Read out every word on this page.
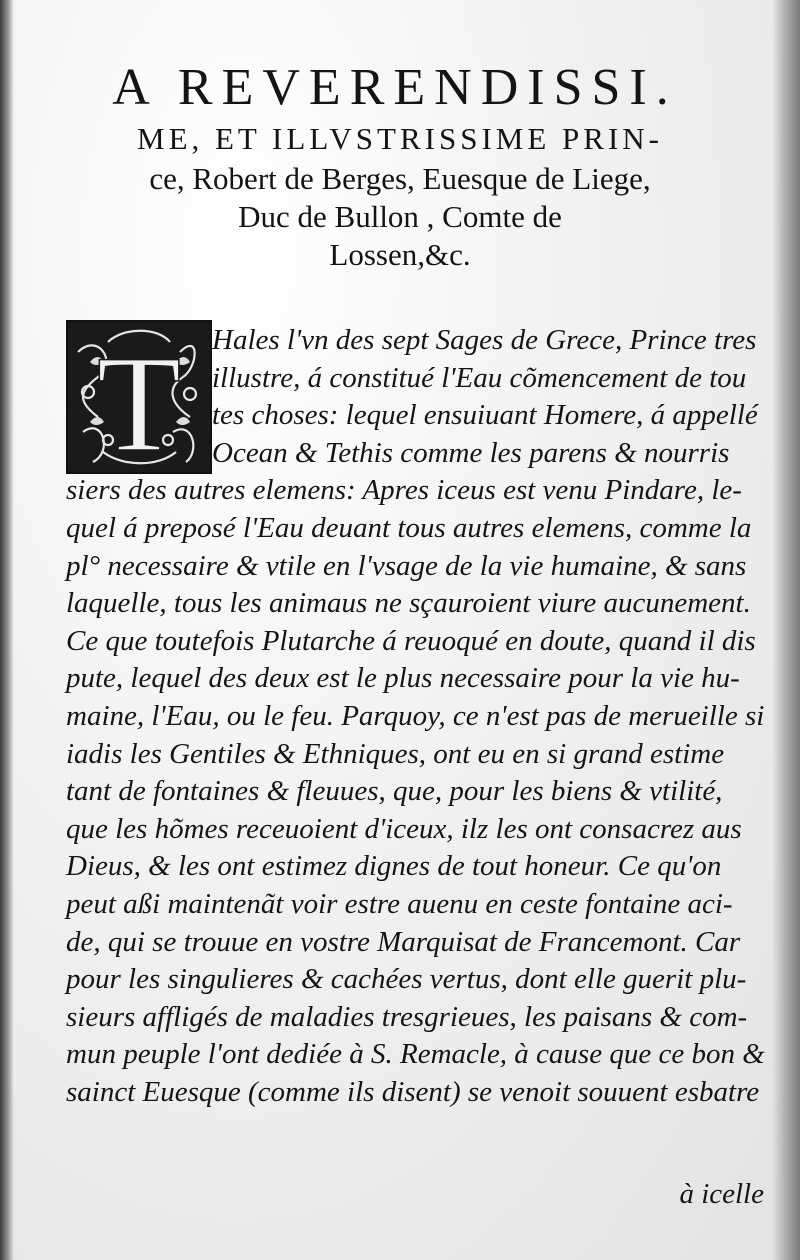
A REVERENDISSI.
ME, ET ILLVSTRISSIME PRIN-
ce, Robert de Berges, Euesque de Liege,
Duc de Bullon , Comte de
Lossen,&c.
T	Hales l'vn des sept Sages de Grece, Prince tres
illustre, á constitué l'Eau cõmencement de tou
tes choses: lequel ensuiuant Homere, á appellé
Ocean & Tethis comme les parens & nourris
siers des autres elemens: Apres iceus est venu Pindare, le-
quel á preposé l'Eau deuant tous autres elemens, comme la
pl° necessaire & vtile en l'vsage de la vie humaine, & sans
laquelle, tous les animaus ne sçauroient viure aucunement.
Ce que toutefois Plutarche á reuoqué en doute, quand il dis
pute, lequel des deux est le plus necessaire pour la vie hu-
maine, l'Eau, ou le feu. Parquoy, ce n'est pas de merueille si
iadis les Gentiles & Ethniques, ont eu en si grand estime
tant de fontaines & fleuues, que, pour les biens & vtilité,
que les hõmes receuoient d'iceux, ilz les ont consacrez aus
Dieus, & les ont estimez dignes de tout honeur. Ce qu'on
peut aßi maintenãt voir estre auenu en ceste fontaine aci-
de, qui se trouue en vostre Marquisat de Francemont. Car
pour les singulieres & cachées vertus, dont elle guerit plu-
sieurs affligés de maladies tresgrieues, les paisans & com-
mun peuple l'ont dediée à S. Remacle, à cause que ce bon &
sainct Euesque (comme ils disent) se venoit souuent esbatre
à icelle
